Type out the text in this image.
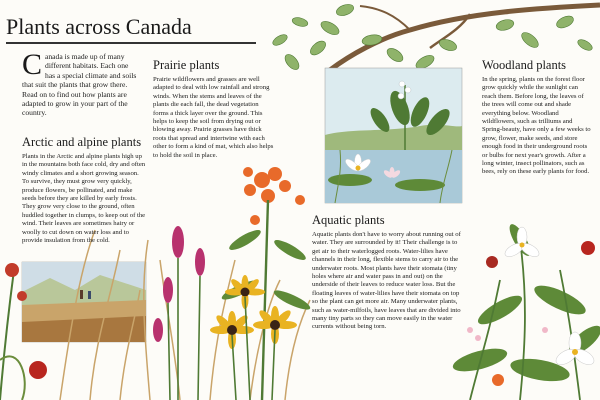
Plants across Canada

Canada is made up of many different habitats. Each one has a special climate and soils that suit the plants that grow there. Read on to find out how plants are adapted to grow in your part of the country.

Arctic and alpine plants

Plants in the Arctic and alpine plants high up in the mountains both face cold, dry and often windy climates and a short growing season. To survive, they must grow very quickly, produce flowers, be pollinated, and make seeds before they are killed by early frosts. They grow very close to the ground, often huddled together in clumps, to keep out of the wind. Their leaves are sometimes hairy or woolly to cut down on water loss and to provide insulation from the cold.

Prairie plants

Prairie wildflowers and grasses are well adapted to deal with low rainfall and strong winds. When the stems and leaves of the plants die each fall, the dead vegetation forms a thick layer over the ground. This helps to keep the soil from drying out or blowing away. Prairie grasses have thick roots that spread and intertwine with each other to form a kind of mat, which also helps to hold the soil in place.

Aquatic plants

Aquatic plants don't have to worry about running out of water. They are surrounded by it! Their challenge is to get air to their waterlogged roots. Water-lilies have channels in their long, flexible stems to carry air to the underwater roots. Most plants have their stomata (tiny holes where air and water pass in and out) on the underside of their leaves to reduce water loss. But the floating leaves of water-lilies have their stomata on top so the plant can get more air. Many underwater plants, such as water-milfoils, have leaves that are divided into many tiny parts so they can move easily in the water currents without being torn.

Woodland plants

In the spring, plants on the forest floor grow quickly while the sunlight can reach them. Before long, the leaves of the trees will come out and shade everything below. Woodland wildflowers, such as trilliums and Spring-beauty, have only a few weeks to grow, flower, make seeds, and store enough food in their underground roots or bulbs for next year's growth. After a long winter, insect pollinators, such as bees, rely on these early plants for food.
